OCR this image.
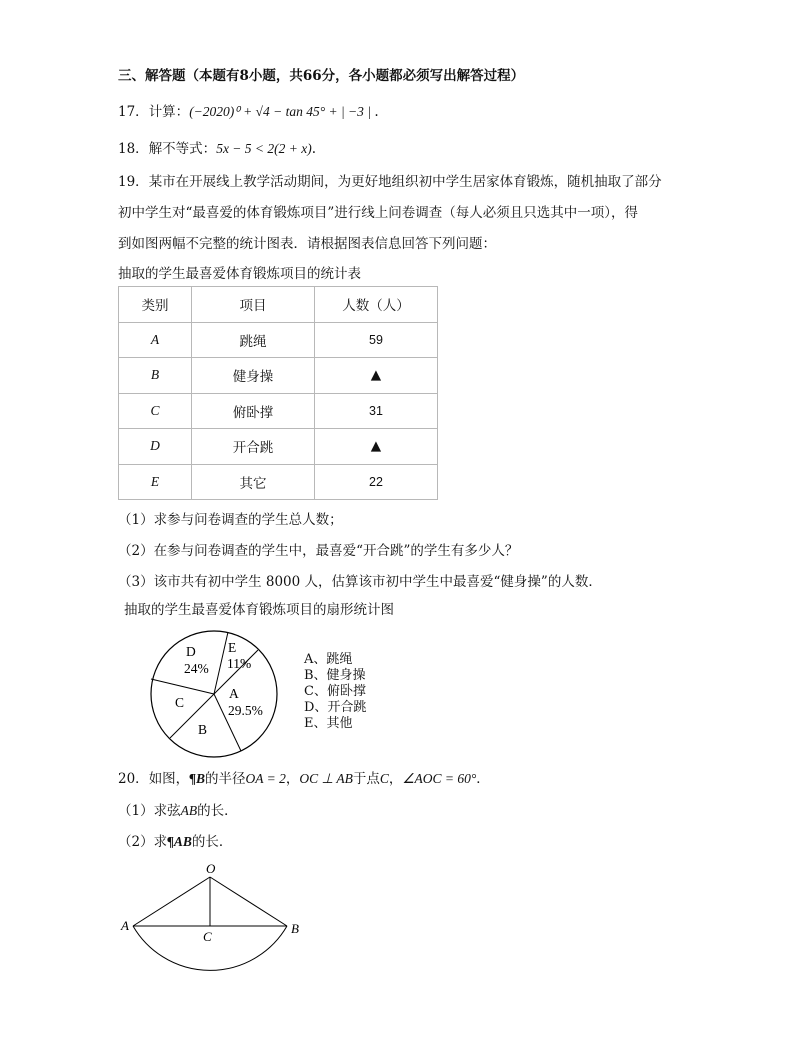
三、解答题（本题有8小题，共66分，各小题都必须写出解答过程）
17．计算：(−2020)⁰ + √4 − tan 45° + | −3 | .
18．解不等式：5x − 5 < 2(2 + x).
19．某市在开展线上教学活动期间，为更好地组织初中学生居家体育锻炼，随机抽取了部分
初中学生对“最喜爱的体育锻炼项目”进行线上问卷调查（每人必须且只选其中一项），得
到如图两幅不完整的统计图表．请根据图表信息回答下列问题：
抽取的学生最喜爱体育锻炼项目的统计表
类别	项目	人数（人）
A	跳绳	59
B	健身操	▲
C	俯卧撑	31
D	开合跳	▲
E	其它	22
（1）求参与问卷调查的学生总人数；
（2）在参与问卷调查的学生中，最喜爱“开合跳”的学生有多少人？
（3）该市共有初中学生 8000 人，估算该市初中学生中最喜爱“健身操”的人数．
抽取的学生最喜爱体育锻炼项目的扇形统计图
D
24%
E
11%
A
29.5%
C
B
A、跳绳
B、健身操
C、俯卧撑
D、开合跳
E、其他
20．如图，¶B的半径OA = 2，OC ⊥ AB于点C，∠AOC = 60°．
（1）求弦AB的长．
（2）求¶AB的长．
O
A	B
C
